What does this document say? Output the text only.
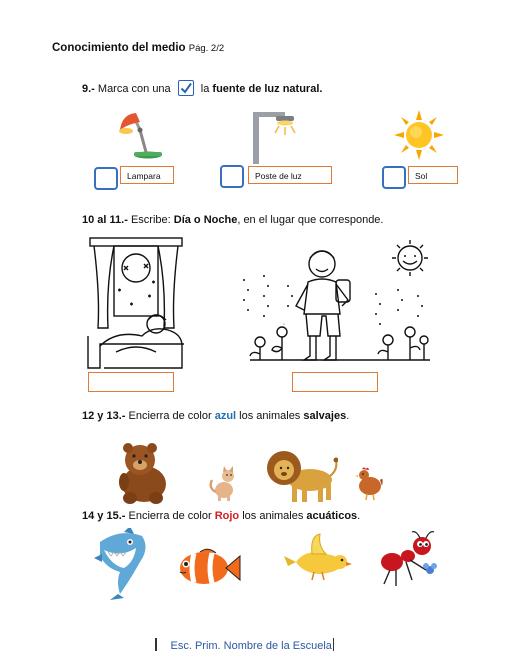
Conocimiento del medio Pág. 2/2
9.- Marca con una	la fuente de luz natural.
Lampara	Poste de luz	Sol
10 al 11.- Escribe: Día o Noche, en el lugar que corresponde.
12 y 13.- Encierra de color azul los animales salvajes.
14 y 15.- Encierra de color Rojo los animales acuáticos.
Esc. Prim. Nombre de la Escuela
